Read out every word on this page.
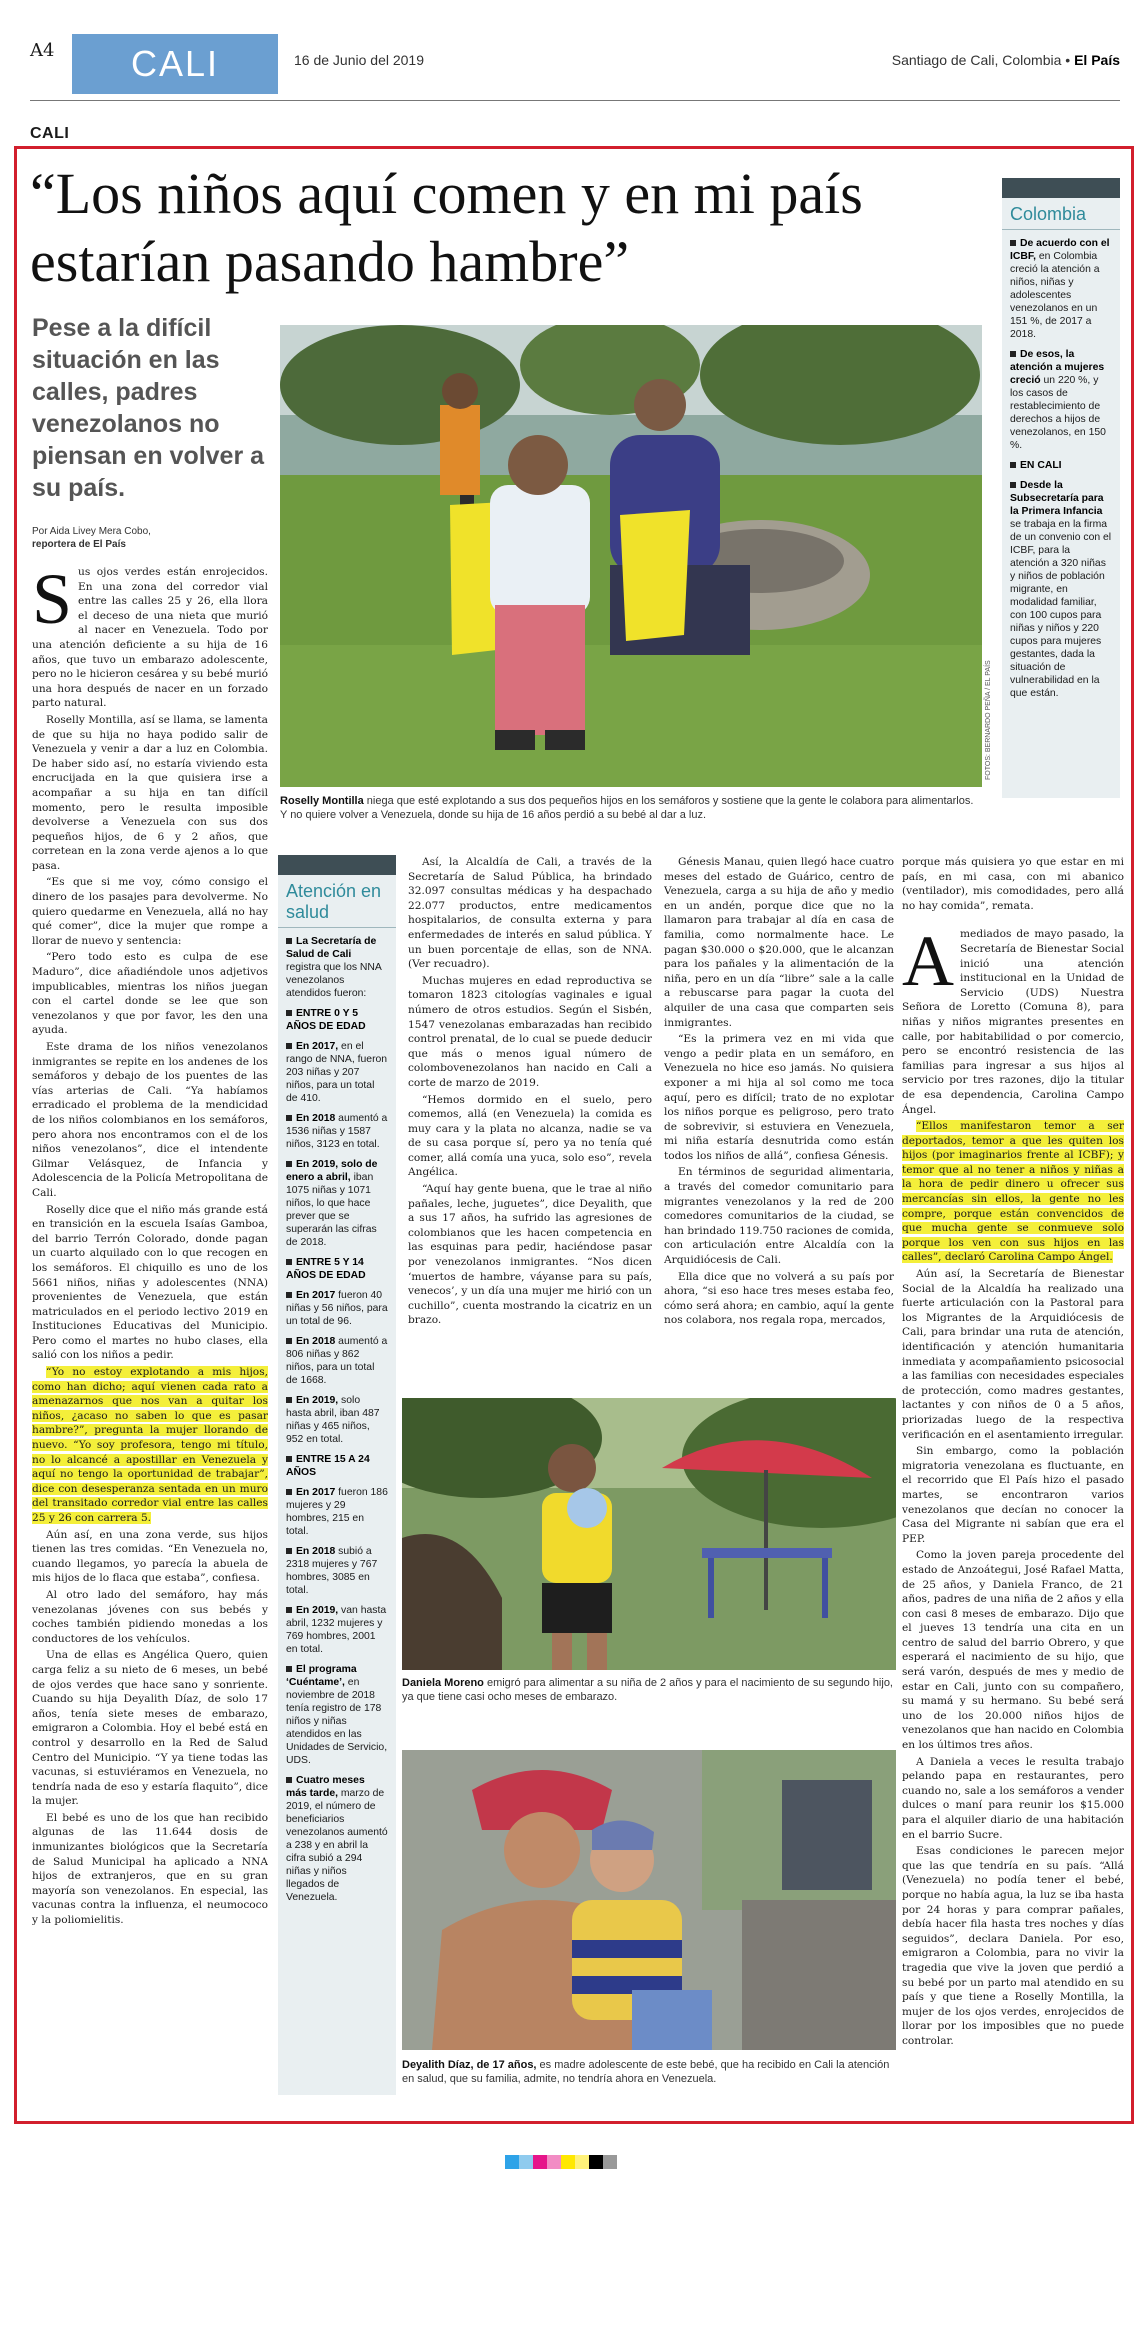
A4	CALI	16 de Junio del 2019	Santiago de Cali, Colombia • El País
CALI
“Los niños aquí comen y en mi país estarían pasando hambre”
Pese a la difícil situación en las calles, padres venezolanos no piensan en volver a su país.
Por Aida Livey Mera Cobo,
reportera de El País

Sus ojos verdes están enrojecidos. En una zona del corredor vial entre las calles 25 y 26, ella llora el deceso de una nieta que murió al nacer en Venezuela. Todo por una atención deficiente a su hija de 16 años, que tuvo un embarazo adolescente, pero no le hicieron cesárea y su bebé murió una hora después de nacer en un forzado parto natural.

Roselly Montilla, así se llama, se lamenta de que su hija no haya podido salir de Venezuela y venir a dar a luz en Colombia. De haber sido así, no estaría viviendo esta encrucijada en la que quisiera irse a acompañar a su hija en tan difícil momento, pero le resulta imposible devolverse a Venezuela con sus dos pequeños hijos, de 6 y 2 años, que corretean en la zona verde ajenos a lo que pasa.

“Es que si me voy, cómo consigo el dinero de los pasajes para devolverme. No quiero quedarme en Venezuela, allá no hay qué comer”, dice la mujer que rompe a llorar de nuevo y sentencia:

“Pero todo esto es culpa de ese Maduro”, dice añadiéndole unos adjetivos impublicables, mientras los niños juegan con el cartel donde se lee que son venezolanos y que por favor, les den una ayuda.

Este drama de los niños venezolanos inmigrantes se repite en los andenes de los semáforos y debajo de los puentes de las vías arterias de Cali. “Ya habíamos erradicado el problema de la mendicidad de los niños colombianos en los semáforos, pero ahora nos encontramos con el de los niños venezolanos”, dice el intendente Gilmar Velásquez, de Infancia y Adolescencia de la Policía Metropolitana de Cali.

Roselly dice que el niño más grande está en transición en la escuela Isaías Gamboa, del barrio Terrón Colorado, donde pagan un cuarto alquilado con lo que recogen en los semáforos. El chiquillo es uno de los 5661 niños, niñas y adolescentes (NNA) provenientes de Venezuela, que están matriculados en el periodo lectivo 2019 en Instituciones Educativas del Municipio. Pero como el martes no hubo clases, ella salió con los niños a pedir.

“Yo no estoy explotando a mis hijos, como han dicho; aquí vienen cada rato a amenazarnos que nos van a quitar los niños, ¿acaso no saben lo que es pasar hambre?”, pregunta la mujer llorando de nuevo. “Yo soy profesora, tengo mi título, no lo alcancé a apostillar en Venezuela y aquí no tengo la oportunidad de trabajar”, dice con desesperanza sentada en un muro del transitado corredor vial entre las calles 25 y 26 con carrera 5.

Aún así, en una zona verde, sus hijos tienen las tres comidas. “En Venezuela no, cuando llegamos, yo parecía la abuela de mis hijos de lo flaca que estaba”, confiesa.

Al otro lado del semáforo, hay más venezolanas jóvenes con sus bebés y coches también pidiendo monedas a los conductores de los vehículos.

Una de ellas es Angélica Quero, quien carga feliz a su nieto de 6 meses, un bebé de ojos verdes que hace sano y sonriente. Cuando su hija Deyalith Díaz, de solo 17 años, tenía siete meses de embarazo, emigraron a Colombia. Hoy el bebé está en control y desarrollo en la Red de Salud Centro del Municipio. “Y ya tiene todas las vacunas, si estuviéramos en Venezuela, no tendría nada de eso y estaría flaquito”, dice la mujer.

El bebé es uno de los que han recibido algunas de las 11.644 dosis de inmunizantes biológicos que la Secretaría de Salud Municipal ha aplicado a NNA hijos de extranjeros, que en su gran mayoría son venezolanos. En especial, las vacunas contra la influenza, el neumococo y la poliomielitis.

FOTOS: BERNARDO PEÑA / EL PAÍS
Roselly Montilla niega que esté explotando a sus dos pequeños hijos en los semáforos y sostiene que la gente le colabora para alimentarlos. Y no quiere volver a Venezuela, donde su hija de 16 años perdió a su bebé al dar a luz.
Colombia
De acuerdo con el ICBF, en Colombia creció la atención a niños, niñas y adolescentes venezolanos en un 151 %, de 2017 a 2018.
De esos, la atención a mujeres creció un 220 %, y los casos de restablecimiento de derechos a hijos de venezolanos, en 150 %.
EN CALI
Desde la Subsecretaría para la Primera Infancia se trabaja en la firma de un convenio con el ICBF, para la atención a 320 niñas y niños de población migrante, en modalidad familiar, con 100 cupos para niñas y niños y 220 cupos para mujeres gestantes, dada la situación de vulnerabilidad en la que están.
Atención en salud
La Secretaría de Salud de Cali registra que los NNA venezolanos atendidos fueron:
ENTRE 0 Y 5 AÑOS DE EDAD
En 2017, en el rango de NNA, fueron 203 niñas y 207 niños, para un total de 410.
En 2018 aumentó a 1536 niñas y 1587 niños, 3123 en total.
En 2019, solo de enero a abril, iban 1075 niñas y 1071 niños, lo que hace prever que se superarán las cifras de 2018.
ENTRE 5 Y 14 AÑOS DE EDAD
En 2017 fueron 40 niñas y 56 niños, para un total de 96.
En 2018 aumentó a 806 niñas y 862 niños, para un total de 1668.
En 2019, solo hasta abril, iban 487 niñas y 465 niños, 952 en total.
ENTRE 15 A 24 AÑOS
En 2017 fueron 186 mujeres y 29 hombres, 215 en total.
En 2018 subió a 2318 mujeres y 767 hombres, 3085 en total.
En 2019, van hasta abril, 1232 mujeres y 769 hombres, 2001 en total.
El programa ‘Cuéntame’, en noviembre de 2018 tenía registro de 178 niños y niñas atendidos en las Unidades de Servicio, UDS.
Cuatro meses más tarde, marzo de 2019, el número de beneficiarios venezolanos aumentó a 238 y en abril la cifra subió a 294 niñas y niños llegados de Venezuela.

Así, la Alcaldía de Cali, a través de la Secretaría de Salud Pública, ha brindado 32.097 consultas médicas y ha despachado 22.077 productos, entre medicamentos hospitalarios, de consulta externa y para enfermedades de interés en salud pública. Y un buen porcentaje de ellas, son de NNA. (Ver recuadro).

Muchas mujeres en edad reproductiva se tomaron 1823 citologías vaginales e igual número de otros estudios. Según el Sisbén, 1547 venezolanas embarazadas han recibido control prenatal, de lo cual se puede deducir que más o menos igual número de colombovenezolanos han nacido en Cali a corte de marzo de 2019.

“Hemos dormido en el suelo, pero comemos, allá (en Venezuela) la comida es muy cara y la plata no alcanza, nadie se va de su casa porque sí, pero ya no tenía qué comer, allá comía una yuca, solo eso”, revela Angélica.

“Aquí hay gente buena, que le trae al niño pañales, leche, juguetes”, dice Deyalith, que a sus 17 años, ha sufrido las agresiones de colombianos que les hacen competencia en las esquinas para pedir, haciéndose pasar por venezolanos inmigrantes. “Nos dicen ‘muertos de hambre, váyanse para su país, venecos’, y un día una mujer me hirió con un cuchillo”, cuenta mostrando la cicatriz en un brazo.

Génesis Manau, quien llegó hace cuatro meses del estado de Guárico, centro de Venezuela, carga a su hija de año y medio en un andén, porque dice que no la llamaron para trabajar al día en casa de familia, como normalmente hace. Le pagan $30.000 o $20.000, que le alcanzan para los pañales y la alimentación de la niña, pero en un día “libre” sale a la calle a rebuscarse para pagar la cuota del alquiler de una casa que comparten seis inmigrantes.

“Es la primera vez en mi vida que vengo a pedir plata en un semáforo, en Venezuela no hice eso jamás. No quisiera exponer a mi hija al sol como me toca aquí, pero es difícil; trato de no explotar los niños porque es peligroso, pero trato de sobrevivir, si estuviera en Venezuela, mi niña estaría desnutrida como están todos los niños de allá”, confiesa Génesis.

En términos de seguridad alimentaria, a través del comedor comunitario para migrantes venezolanos y la red de 200 comedores comunitarios de la ciudad, se han brindado 119.750 raciones de comida, con articulación entre Alcaldía con la Arquidiócesis de Cali.

Ella dice que no volverá a su país por ahora, “si eso hace tres meses estaba feo, cómo será ahora; en cambio, aquí la gente nos colabora, nos regala ropa, mercados,

porque más quisiera yo que estar en mi país, en mi casa, con mi abanico (ventilador), mis comodidades, pero allá no hay comida”, remata.

A mediados de mayo pasado, la Secretaría de Bienestar Social inició una atención institucional en la Unidad de Servicio (UDS) Nuestra Señora de Loretto (Comuna 8), para niñas y niños migrantes presentes en calle, por habitabilidad o por comercio, pero se encontró resistencia de las familias para ingresar a sus hijos al servicio por tres razones, dijo la titular de esa dependencia, Carolina Campo Ángel.

“Ellos manifestaron temor a ser deportados, temor a que les quiten los hijos (por imaginarios frente al ICBF); y temor que al no tener a niños y niñas a la hora de pedir dinero u ofrecer sus mercancías sin ellos, la gente no les compre, porque están convencidos de que mucha gente se conmueve solo porque los ven con sus hijos en las calles”, declaró Carolina Campo Ángel.

Aún así, la Secretaría de Bienestar Social de la Alcaldía ha realizado una fuerte articulación con la Pastoral para los Migrantes de la Arquidiócesis de Cali, para brindar una ruta de atención, identificación y atención humanitaria inmediata y acompañamiento psicosocial a las familias con necesidades especiales de protección, como madres gestantes, lactantes y con niños de 0 a 5 años, priorizadas luego de la respectiva verificación en el asentamiento irregular.

Sin embargo, como la población migratoria venezolana es fluctuante, en el recorrido que El País hizo el pasado martes, se encontraron varios venezolanos que decían no conocer la Casa del Migrante ni sabían que era el PEP.

Como la joven pareja procedente del estado de Anzoátegui, José Rafael Matta, de 25 años, y Daniela Franco, de 21 años, padres de una niña de 2 años y ella con casi 8 meses de embarazo. Dijo que el jueves 13 tendría una cita en un centro de salud del barrio Obrero, y que esperará el nacimiento de su hijo, que será varón, después de mes y medio de estar en Cali, junto con su compañero, su mamá y su hermano. Su bebé será uno de los 20.000 niños hijos de venezolanos que han nacido en Colombia en los últimos tres años.

A Daniela a veces le resulta trabajo pelando papa en restaurantes, pero cuando no, sale a los semáforos a vender dulces o maní para reunir los $15.000 para el alquiler diario de una habitación en el barrio Sucre.

Esas condiciones le parecen mejor que las que tendría en su país. “Allá (Venezuela) no podía tener el bebé, porque no había agua, la luz se iba hasta por 24 horas y para comprar pañales, debía hacer fila hasta tres noches y días seguidos”, declara Daniela. Por eso, emigraron a Colombia, para no vivir la tragedia que vive la joven que perdió a su bebé por un parto mal atendido en su país y que tiene a Roselly Montilla, la mujer de los ojos verdes, enrojecidos de llorar por los imposibles que no puede controlar.

Daniela Moreno emigró para alimentar a su niña de 2 años y para el nacimiento de su segundo hijo, ya que tiene casi ocho meses de embarazo.
Deyalith Díaz, de 17 años, es madre adolescente de este bebé, que ha recibido en Cali la atención en salud, que su familia, admite, no tendría ahora en Venezuela.
